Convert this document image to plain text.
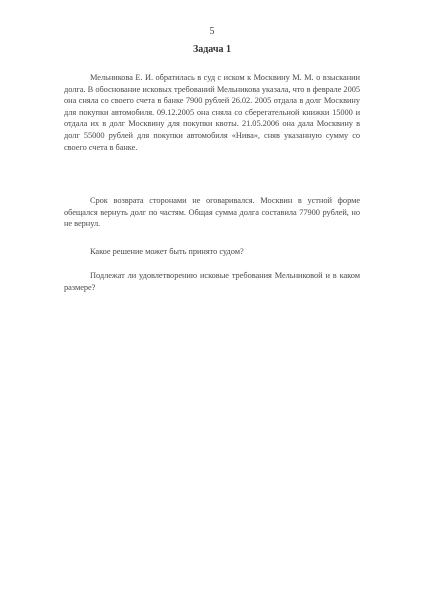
5
Задача 1

Мельникова Е. И. обратилась в суд с иском к Москвину М. М. о взыскании долга. В обоснование исковых требований Мельникова указала, что в феврале 2005 она сняла со своего счета в банке 7900 рублей 26.02. 2005 отдала в долг Москвину для покупки автомобиля. 09.12.2005 она сняла со сберегательной книжки 15000 и отдала их в долг Москвину для покупки квоты. 21.05.2006 она дала Москвину в долг 55000 рублей для покупки автомобиля «Нива», сняв указанную сумму со своего счета в банке.

Срок возврата сторонами не оговаривался. Москвин в устной форме обещался вернуть долг по частям. Общая сумма долга составила 77900 рублей, но не вернул.

Какое решение может быть принято судом?

Подлежат ли удовлетворению исковые требования Мельниковой и в каком размере?
